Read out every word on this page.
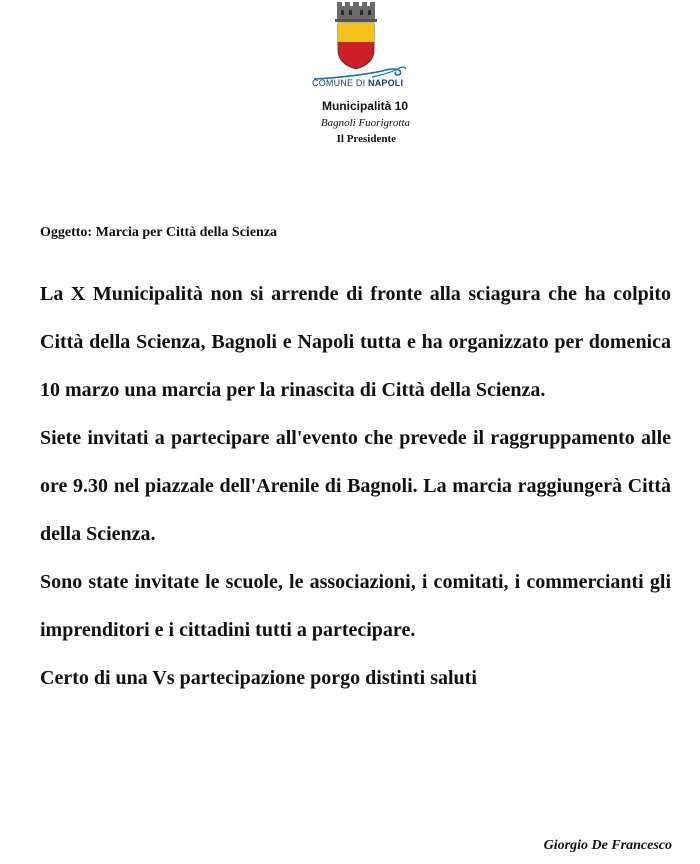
COMUNE DI NAPOLI
Municipalità 10
Bagnoli Fuorigrotta
Il Presidente
Oggetto: Marcia per Città della Scienza

La X Municipalità non si arrende di fronte alla sciagura che ha colpito Città della Scienza, Bagnoli e Napoli tutta e ha organizzato per domenica 10 marzo una marcia per la rinascita di Città della Scienza.

Siete invitati a partecipare all'evento che prevede il raggruppamento alle ore 9.30 nel piazzale dell'Arenile di Bagnoli. La marcia raggiungerà Città della Scienza.

Sono state invitate le scuole, le associazioni, i comitati, i commercianti gli imprenditori e i cittadini tutti a partecipare.

Certo di una Vs partecipazione porgo distinti saluti

Giorgio De Francesco
